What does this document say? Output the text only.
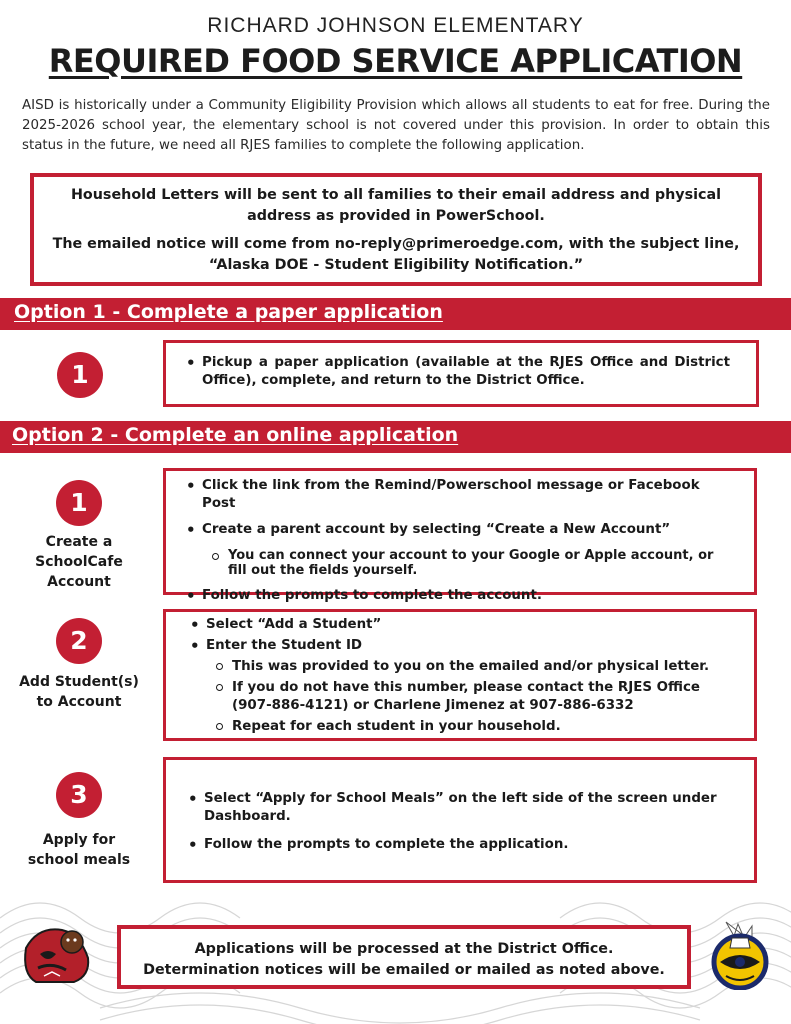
RICHARD JOHNSON ELEMENTARY
REQUIRED FOOD SERVICE APPLICATION

AISD is historically under a Community Eligibility Provision which allows all students to eat for free. During the 2025-2026 school year, the elementary school is not covered under this provision. In order to obtain this status in the future, we need all RJES families to complete the following application.

Household Letters will be sent to all families to their email address and physical address as provided in PowerSchool.

The emailed notice will come from no-reply@primeroedge.com, with the subject line, “Alaska DOE - Student Eligibility Notification.”

Option 1 - Complete a paper application
1
•	Pickup a paper application (available at the RJES Office and District Office), complete, and return to the District Office.
Option 2 - Complete an online application
1
Create a SchoolCafe Account
• Click the link from the Remind/Powerschool message or Facebook Post
• Create a parent account by selecting “Create a New Account”
You can connect your account to your Google or Apple account, or fill out the fields yourself.
• Follow the prompts to complete the account.
2
Add Student(s) to Account
• Select “Add a Student”
• Enter the Student ID
This was provided to you on the emailed and/or physical letter.
If you do not have this number, please contact the RJES Office (907-886-4121) or Charlene Jimenez at 907-886-6332
Repeat for each student in your household.
3
Apply for school meals
• Select “Apply for School Meals” on the left side of the screen under Dashboard.
• Follow the prompts to complete the application.
Applications will be processed at the District Office.
Determination notices will be emailed or mailed as noted above.
